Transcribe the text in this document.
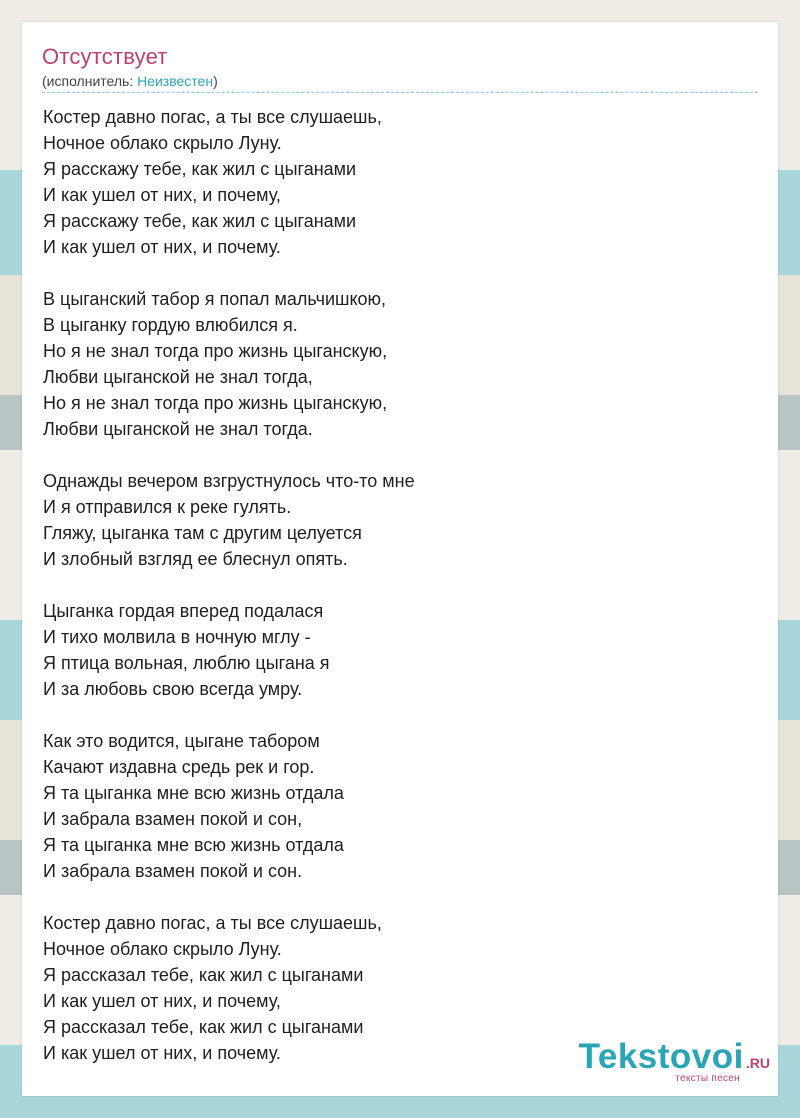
Отсутствует
(исполнитель: Неизвестен)
Костер давно погас, а ты все слушаешь,
Ночное облако скрыло Луну.
Я расскажу тебе, как жил с цыганами
И как ушел от них, и почему,
Я расскажу тебе, как жил с цыганами
И как ушел от них, и почему.
В цыганский табор я попал мальчишкою,
В цыганку гордую влюбился я.
Но я не знал тогда про жизнь цыганскую,
Любви цыганской не знал тогда,
Но я не знал тогда про жизнь цыганскую,
Любви цыганской не знал тогда.
Однажды вечером взгрустнулось что-то мне
И я отправился к реке гулять.
Гляжу, цыганка там с другим целуется
И злобный взгляд ее блеснул опять.
Цыганка гордая вперед подалася
И тихо молвила в ночную мглу -
Я птица вольная, люблю цыгана я
И за любовь свою всегда умру.
Как это водится, цыгане табором
Качают издавна средь рек и гор.
Я та цыганка мне всю жизнь отдала
И забрала взамен покой и сон,
Я та цыганка мне всю жизнь отдала
И забрала взамен покой и сон.
Костер давно погас, а ты все слушаешь,
Ночное облако скрыло Луну.
Я рассказал тебе, как жил с цыганами
И как ушел от них, и почему,
Я рассказал тебе, как жил с цыганами
И как ушел от них, и почему.	Tekstovoi .RU
тексты песен
